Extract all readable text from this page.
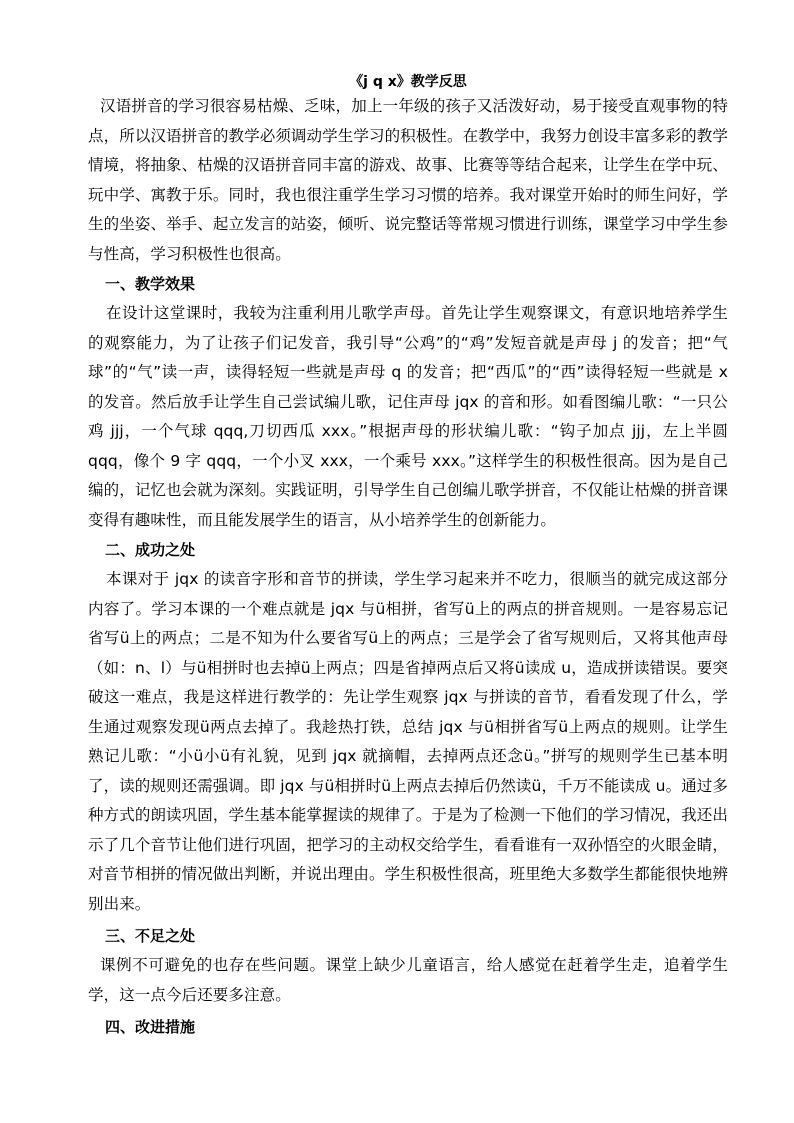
《j q x》教学反思

汉语拼音的学习很容易枯燥、乏味，加上一年级的孩子又活泼好动，易于接受直观事物的特点，所以汉语拼音的教学必须调动学生学习的积极性。在教学中，我努力创设丰富多彩的教学情境，将抽象、枯燥的汉语拼音同丰富的游戏、故事、比赛等等结合起来，让学生在学中玩、玩中学、寓教于乐。同时，我也很注重学生学习习惯的培养。我对课堂开始时的师生问好，学生的坐姿、举手、起立发言的站姿，倾听、说完整话等常规习惯进行训练，课堂学习中学生参与性高，学习积极性也很高。

一、教学效果

在设计这堂课时，我较为注重利用儿歌学声母。首先让学生观察课文，有意识地培养学生的观察能力，为了让孩子们记发音，我引导“公鸡”的“鸡”发短音就是声母 j 的发音；把“气球”的“气”读一声，读得轻短一些就是声母 q 的发音；把“西瓜”的“西”读得轻短一些就是 x 的发音。然后放手让学生自己尝试编儿歌，记住声母 jqx 的音和形。如看图编儿歌：“一只公鸡 jjj，一个气球 qqq,刀切西瓜 xxx。”根据声母的形状编儿歌：“钩子加点 jjj，左上半圆 qqq，像个 9 字 qqq，一个小叉 xxx，一个乘号 xxx。”这样学生的积极性很高。因为是自己编的，记忆也会就为深刻。实践证明，引导学生自己创编儿歌学拼音，不仅能让枯燥的拼音课变得有趣味性，而且能发展学生的语言，从小培养学生的创新能力。

二、成功之处

本课对于 jqx 的读音字形和音节的拼读，学生学习起来并不吃力，很顺当的就完成这部分内容了。学习本课的一个难点就是 jqx 与ü相拼，省写ü上的两点的拼音规则。一是容易忘记省写ü上的两点；二是不知为什么要省写ü上的两点；三是学会了省写规则后，又将其他声母（如：n、l）与ü相拼时也去掉ü上两点；四是省掉两点后又将ü读成 u，造成拼读错误。要突破这一难点，我是这样进行教学的：先让学生观察 jqx 与拼读的音节，看看发现了什么，学生通过观察发现ü两点去掉了。我趁热打铁，总结 jqx 与ü相拼省写ü上两点的规则。让学生熟记儿歌：“小ü小ü有礼貌，见到 jqx 就摘帽，去掉两点还念ü。”拼写的规则学生已基本明了，读的规则还需强调。即 jqx 与ü相拼时ü上两点去掉后仍然读ü，千万不能读成 u。通过多种方式的朗读巩固，学生基本能掌握读的规律了。于是为了检测一下他们的学习情况，我还出示了几个音节让他们进行巩固，把学习的主动权交给学生，看看谁有一双孙悟空的火眼金睛，对音节相拼的情况做出判断，并说出理由。学生积极性很高，班里绝大多数学生都能很快地辨别出来。

三、不足之处

课例不可避免的也存在些问题。课堂上缺少儿童语言，给人感觉在赶着学生走，追着学生学，这一点今后还要多注意。

四、改进措施
